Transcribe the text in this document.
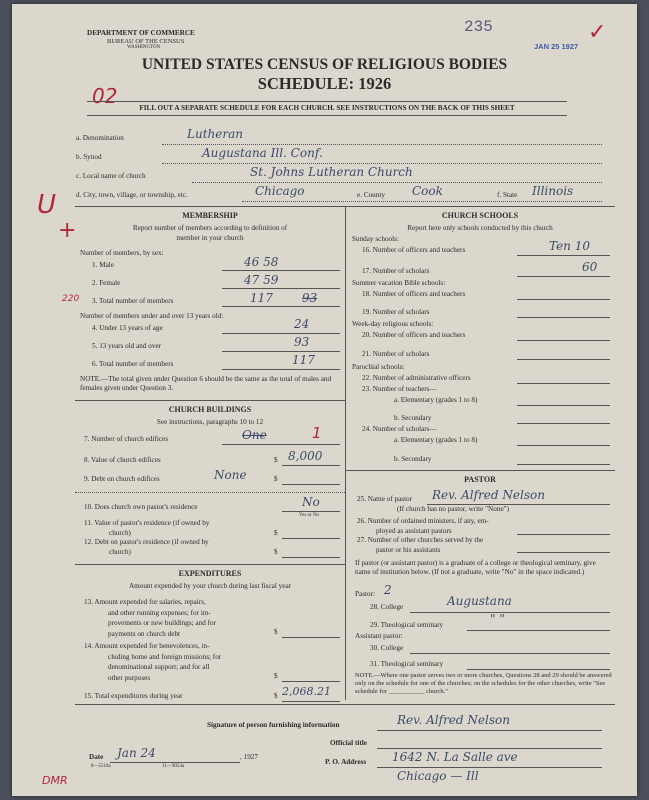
DEPARTMENT OF COMMERCE
BUREAU OF THE CENSUS
WASHINGTON
235
JAN 25 1927
✓
UNITED STATES CENSUS OF RELIGIOUS BODIES
SCHEDULE: 1926
02	FILL OUT A SEPARATE SCHEDULE FOR EACH CHURCH. SEE INSTRUCTIONS ON THE BACK OF THIS SHEET
U
+
a. Denomination	Lutheran
b. Synod	Augustana Ill. Conf.
c. Local name of church	St. Johns Lutheran Church
d. City, town, village, or township, etc.	Chicago	e. County Cook	f. State Illinois
MEMBERSHIP
Report number of members according to definition of
member in your church
Number of members, by sex:
1. Male	46 58
2. Female	47 59
220 3. Total number of members	117 93
Number of members under and over 13 years old:
4. Under 13 years of age	24
5. 13 years old and over	93
6. Total number of members	117
NOTE.—The total given under Question 6 should be the same as the total of males and females given under Question 3.
CHURCH BUILDINGS
See instructions, paragraphs 10 to 12
7. Number of church edifices	One	1
8. Value of church edifices	$ 8,000
9. Debt on church edifices	None	$
10. Does church own pastor's residence	No
Yes or No
11. Value of pastor's residence (if owned by
church)	$
12. Debt on pastor's residence (if owned by
church)	$
EXPENDITURES
Amount expended by your church during last fiscal year
13. Amount expended for salaries, repairs,
and other running expenses; for im-
provements or new buildings; and for
payments on church debt	$
14. Amount expended for benevolences, in-
cluding home and foreign missions; for
denominational support; and for all
other purposes	$
15. Total expenditures during year	$ 2,068.21
CHURCH SCHOOLS
Report here only schools conducted by this church
Sunday schools:
16. Number of officers and teachers	Ten 10
17. Number of scholars	60
Summer vacation Bible schools:
18. Number of officers and teachers
19. Number of scholars
Week-day religious schools:
20. Number of officers and teachers
21. Number of scholars
Parochial schools:
22. Number of administrative officers
23. Number of teachers—
a. Elementary (grades 1 to 8)
b. Secondary
24. Number of scholars—
a. Elementary (grades 1 to 8)
b. Secondary
PASTOR
25. Name of pastor Rev. Alfred Nelson
(If church has no pastor, write "None")
26. Number of ordained ministers, if any, em-
ployed as assistant pastors
27. Number of other churches served by the
pastor or his assistants
If pastor (or assistant pastor) is a graduate of a college or theological seminary, give name of institution below. (If not a graduate, write "No" in the space indicated.)
Pastor: 2
28. College	Augustana
29. Theological seminary	" "
Assistant pastor:
30. College
31. Theological seminary
NOTE.—Where one pastor serves two or more churches, Questions 28 and 29 should be answered only on the schedule for one of the churches; on the schedules for the other churches, write "See schedule for ___________ church."
Signature of person furnishing information	Rev. Alfred Nelson
Official title
Date Jan 24	, 1927
8—5518a	11—9054a
P. O. Address 1642 N. La Salle ave
Chicago — Ill
DMR
